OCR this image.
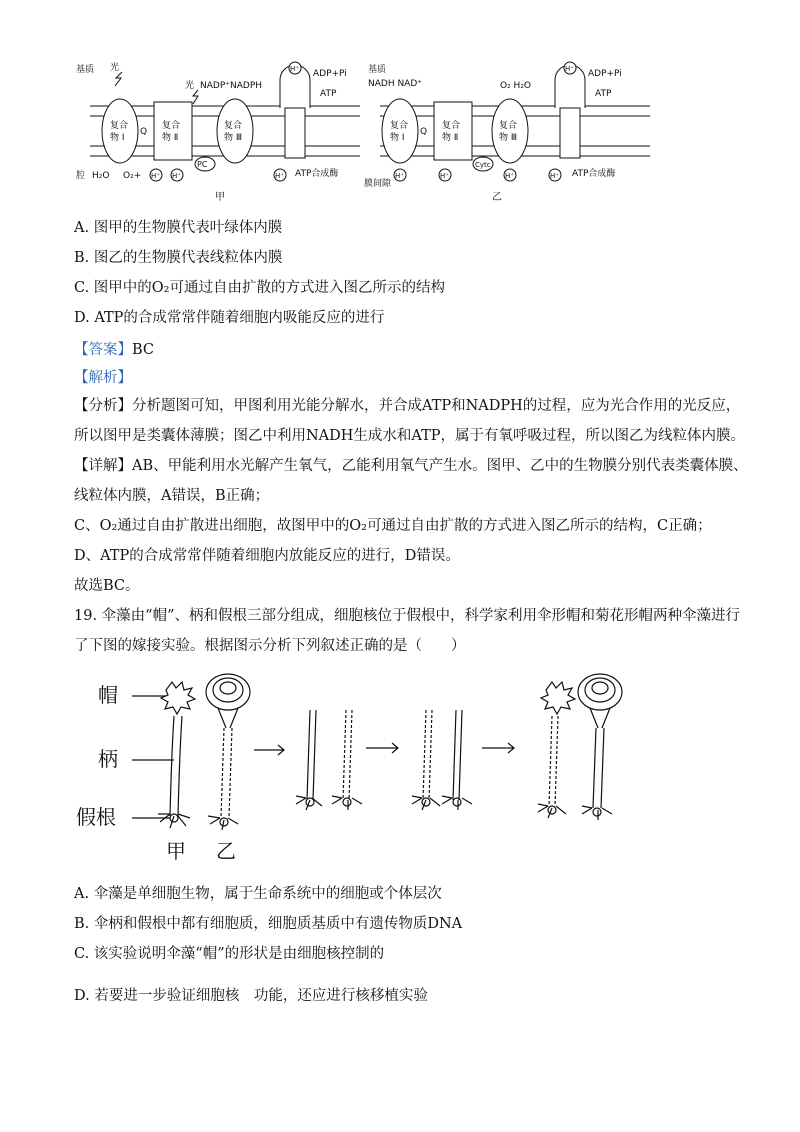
基质
腔
光
光
复合
物 Ⅰ
Q
复合
物 Ⅱ
复合
物 Ⅲ
PC
NADP⁺NADPH
H⁺ ADP+Pi
ATP
H⁺ H⁺	H⁺
H₂O O₂+	ATP合成酶
甲
基质
NADH NAD⁺
膜间隙
复合
物 Ⅰ
Q
复合
物 Ⅱ
复合
物 Ⅲ
Cytc
O₂ H₂O
H⁺ ADP+Pi
ATP
H⁺	H⁺	H⁺	H⁺ ATP合成酶
乙
A. 图甲的生物膜代表叶绿体内膜
B. 图乙的生物膜代表线粒体内膜
C. 图甲中的O₂可通过自由扩散的方式进入图乙所示的结构
D. ATP的合成常常伴随着细胞内吸能反应的进行
【答案】BC
【解析】
【分析】分析题图可知，甲图利用光能分解水，并合成ATP和NADPH的过程，应为光合作用的光反应，
所以图甲是类囊体薄膜；图乙中利用NADH生成水和ATP，属于有氧呼吸过程，所以图乙为线粒体内膜。
【详解】AB、甲能利用水光解产生氧气，乙能利用氧气产生水。图甲、乙中的生物膜分别代表类囊体膜、
线粒体内膜，A错误，B正确；
C、O₂通过自由扩散进出细胞，故图甲中的O₂可通过自由扩散的方式进入图乙所示的结构，C正确；
D、ATP的合成常常伴随着细胞内放能反应的进行，D错误。
故选BC。
19. 伞藻由“帽”、柄和假根三部分组成，细胞核位于假根中，科学家利用伞形帽和菊花形帽两种伞藻进行
了下图的嫁接实验。根据图示分析下列叙述正确的是（　　）
帽
柄
假根
甲 乙
A. 伞藻是单细胞生物，属于生命系统中的细胞或个体层次
B. 伞柄和假根中都有细胞质，细胞质基质中有遗传物质DNA
C. 该实验说明伞藻“帽”的形状是由细胞核控制的
D. 若要进一步验证细胞核　功能，还应进行核移植实验
